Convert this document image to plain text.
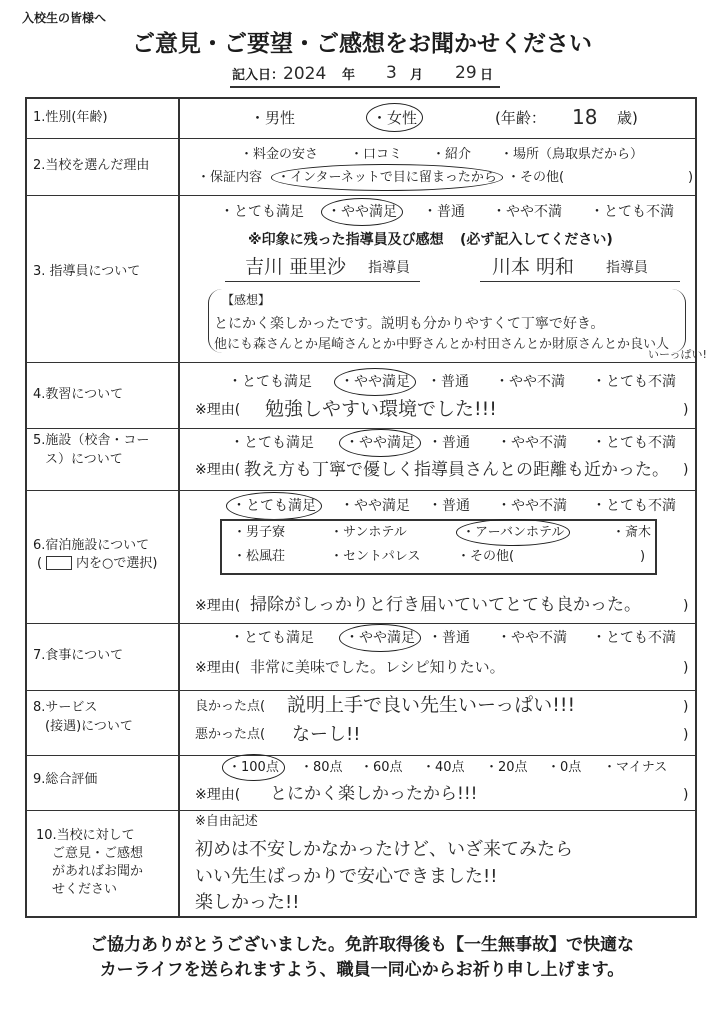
入校生の皆様へ
ご意見・ご要望・ご感想をお聞かせください
記入日：
2024 年 3 月 29 日
1.性別(年齢)	・男性	・女性	(年齢： 18 歳)
2.当校を選んだ理由
・料金の安さ ・口コミ ・紹介 ・場所（鳥取県だから）
・保証内容 ・インターネットで目に留まったから ・その他(	)
3. 指導員について
・とても満足 ・やや満足 ・普通 ・やや不満 ・とても不満
※印象に残った指導員及び感想 (必ず記入してください)
吉川 亜里沙 指導員	川本 明和 指導員
【感想】
とにかく楽しかったです。説明も分かりやすくて丁寧で好き。
他にも森さんとか尾崎さんとか中野さんとか村田さんとか財原さんとか良い人
いーっぱい!
4.教習について
・とても満足 ・やや満足 ・普通 ・やや不満 ・とても不満
※理由( 勉強しやすい環境でした!!!	)
5.施設（校舎・コー
ス）について
・とても満足 ・やや満足 ・普通 ・やや不満 ・とても不満
※理由( 教え方も丁寧で優しく指導員さんとの距離も近かった。 )
6.宿泊施設について
(	内を○で選択)
・とても満足 ・やや満足 ・普通 ・やや不満 ・とても不満
・男子寮	・サンホテル	・アーバンホテル	・斎木
・松風荘	・セントパレス	・その他(	)
※理由( 掃除がしっかりと行き届いていてとても良かった。	)
7.食事について
・とても満足 ・やや満足 ・普通 ・やや不満 ・とても不満
※理由( 非常に美味でした。レシピ知りたい。	)
8.サービス
(接遇)について
良かった点( 説明上手で良い先生いーっぱい!!!	)
悪かった点( なーし!!	)
9.総合評価
・100点 ・80点 ・60点 ・40点 ・20点 ・0点 ・マイナス
※理由( とにかく楽しかったから!!!	)
10.当校に対して
ご意見・ご感想
があればお聞か
せください
※自由記述
初めは不安しかなかったけど、いざ来てみたら
いい先生ばっかりで安心できました!!
楽しかった!!
ご協力ありがとうございました。免許取得後も【一生無事故】で快適な
カーライフを送られますよう、職員一同心からお祈り申し上げます。
